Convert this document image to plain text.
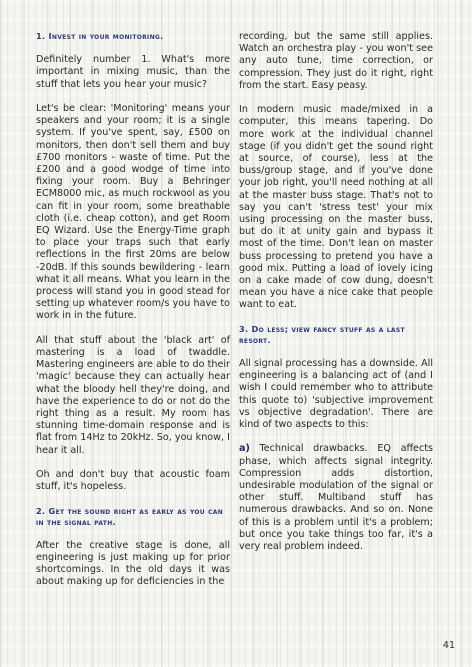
1. Invest in your monitoring.

Definitely number 1. What's more important in mixing music, than the stuff that lets you hear your music?

Let's be clear: 'Monitoring' means your speakers and your room; it is a single system. If you've spent, say, £500 on monitors, then don't sell them and buy £700 monitors - waste of time. Put the £200 and a good wodge of time into fixing your room. Buy a Behringer ECM8000 mic, as much rockwool as you can fit in your room, some breathable cloth (i.e. cheap cotton), and get Room EQ Wizard. Use the Energy-Time graph to place your traps such that early reflections in the first 20ms are below -20dB. If this sounds bewildering - learn what it all means. What you learn in the process will stand you in good stead for setting up whatever room/s you have to work in in the future.

All that stuff about the 'black art' of mastering is a load of twaddle. Mastering engineers are able to do their 'magic' because they can actually hear what the bloody hell they're doing, and have the experience to do or not do the right thing as a result. My room has stunning time-domain response and is flat from 14Hz to 20kHz. So, you know, I hear it all.

Oh and don't buy that acoustic foam stuff, it's hopeless.

2. Get the sound right as early as you can in the signal path.

After the creative stage is done, all engineering is just making up for prior shortcomings. In the old days it was about making up for deficiencies in the

recording, but the same still applies. Watch an orchestra play - you won't see any auto tune, time correction, or compression. They just do it right, right from the start. Easy peasy.

In modern music made/mixed in a computer, this means tapering. Do more work at the individual channel stage (if you didn't get the sound right at source, of course), less at the buss/group stage, and if you've done your job right, you'll need nothing at all at the master buss stage. That's not to say you can't 'stress test' your mix using processing on the master buss, but do it at unity gain and bypass it most of the time. Don't lean on master buss processing to pretend you have a good mix. Putting a load of lovely icing on a cake made of cow dung, doesn't mean you have a nice cake that people want to eat.

3. Do less; view fancy stuff as a last resort.

All signal processing has a downside. All engineering is a balancing act of (and I wish I could remember who to attribute this quote to) 'subjective improvement vs objective degradation'. There are kind of two aspects to this:

a) Technical drawbacks. EQ affects phase, which affects signal integrity. Compression adds distortion, undesirable modulation of the signal or other stuff. Multiband stuff has numerous drawbacks. And so on. None of this is a problem until it's a problem; but once you take things too far, it's a very real problem indeed.

41
